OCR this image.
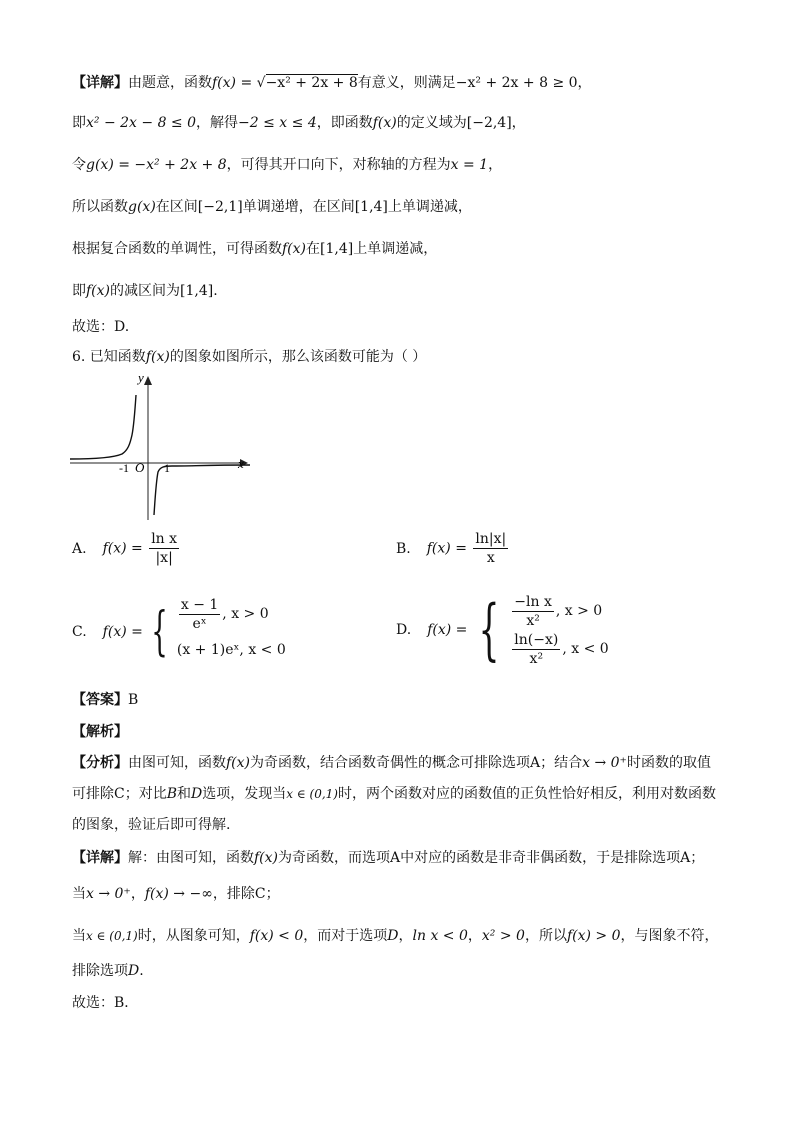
【详解】由题意，函数f(x) = √−x² + 2x + 8有意义，则满足−x² + 2x + 8 ≥ 0，
即x² − 2x − 8 ≤ 0，解得−2 ≤ x ≤ 4，即函数f(x)的定义域为[−2,4]，
令g(x) = −x² + 2x + 8，可得其开口向下，对称轴的方程为x = 1，
所以函数g(x)在区间[−2,1]单调递增，在区间[1,4]上单调递减，
根据复合函数的单调性，可得函数f(x)在[1,4]上单调递减，
即f(x)的减区间为[1,4].
故选：D.
6. 已知函数f(x)的图象如图所示，那么该函数可能为（ ）
y
x
O
-1	1
A. $f(x) = \frac{\text{ln x}}{|x|}$	B. $f(x) = \frac{\ln|x|}{x}$
C. f(x) = { $\frac{x - 1}{\text{eˣ}}$ , x > 0
(x + 1)eˣ, x < 0
D. f(x) = { $\frac{\text{−ln x}}{\text{x²}}$ , x > 0
$\frac{\ln(-x)}{\text{x²}}$ , x < 0
【答案】B
【解析】
【分析】由图可知，函数f(x)为奇函数，结合函数奇偶性的概念可排除选项A；结合x → 0⁺时函数的取值
可排除C；对比B和D选项，发现当x ∈ (0,1)时，两个函数对应的函数值的正负性恰好相反，利用对数函数
的图象，验证后即可得解.
【详解】解：由图可知，函数f(x)为奇函数，而选项A中对应的函数是非奇非偶函数，于是排除选项A；
当x → 0⁺，f(x) → −∞，排除C；
当x ∈ (0,1)时，从图象可知，f(x) < 0，而对于选项D，ln x < 0，x² > 0，所以f(x) > 0，与图象不符，
排除选项D.
故选：B．
